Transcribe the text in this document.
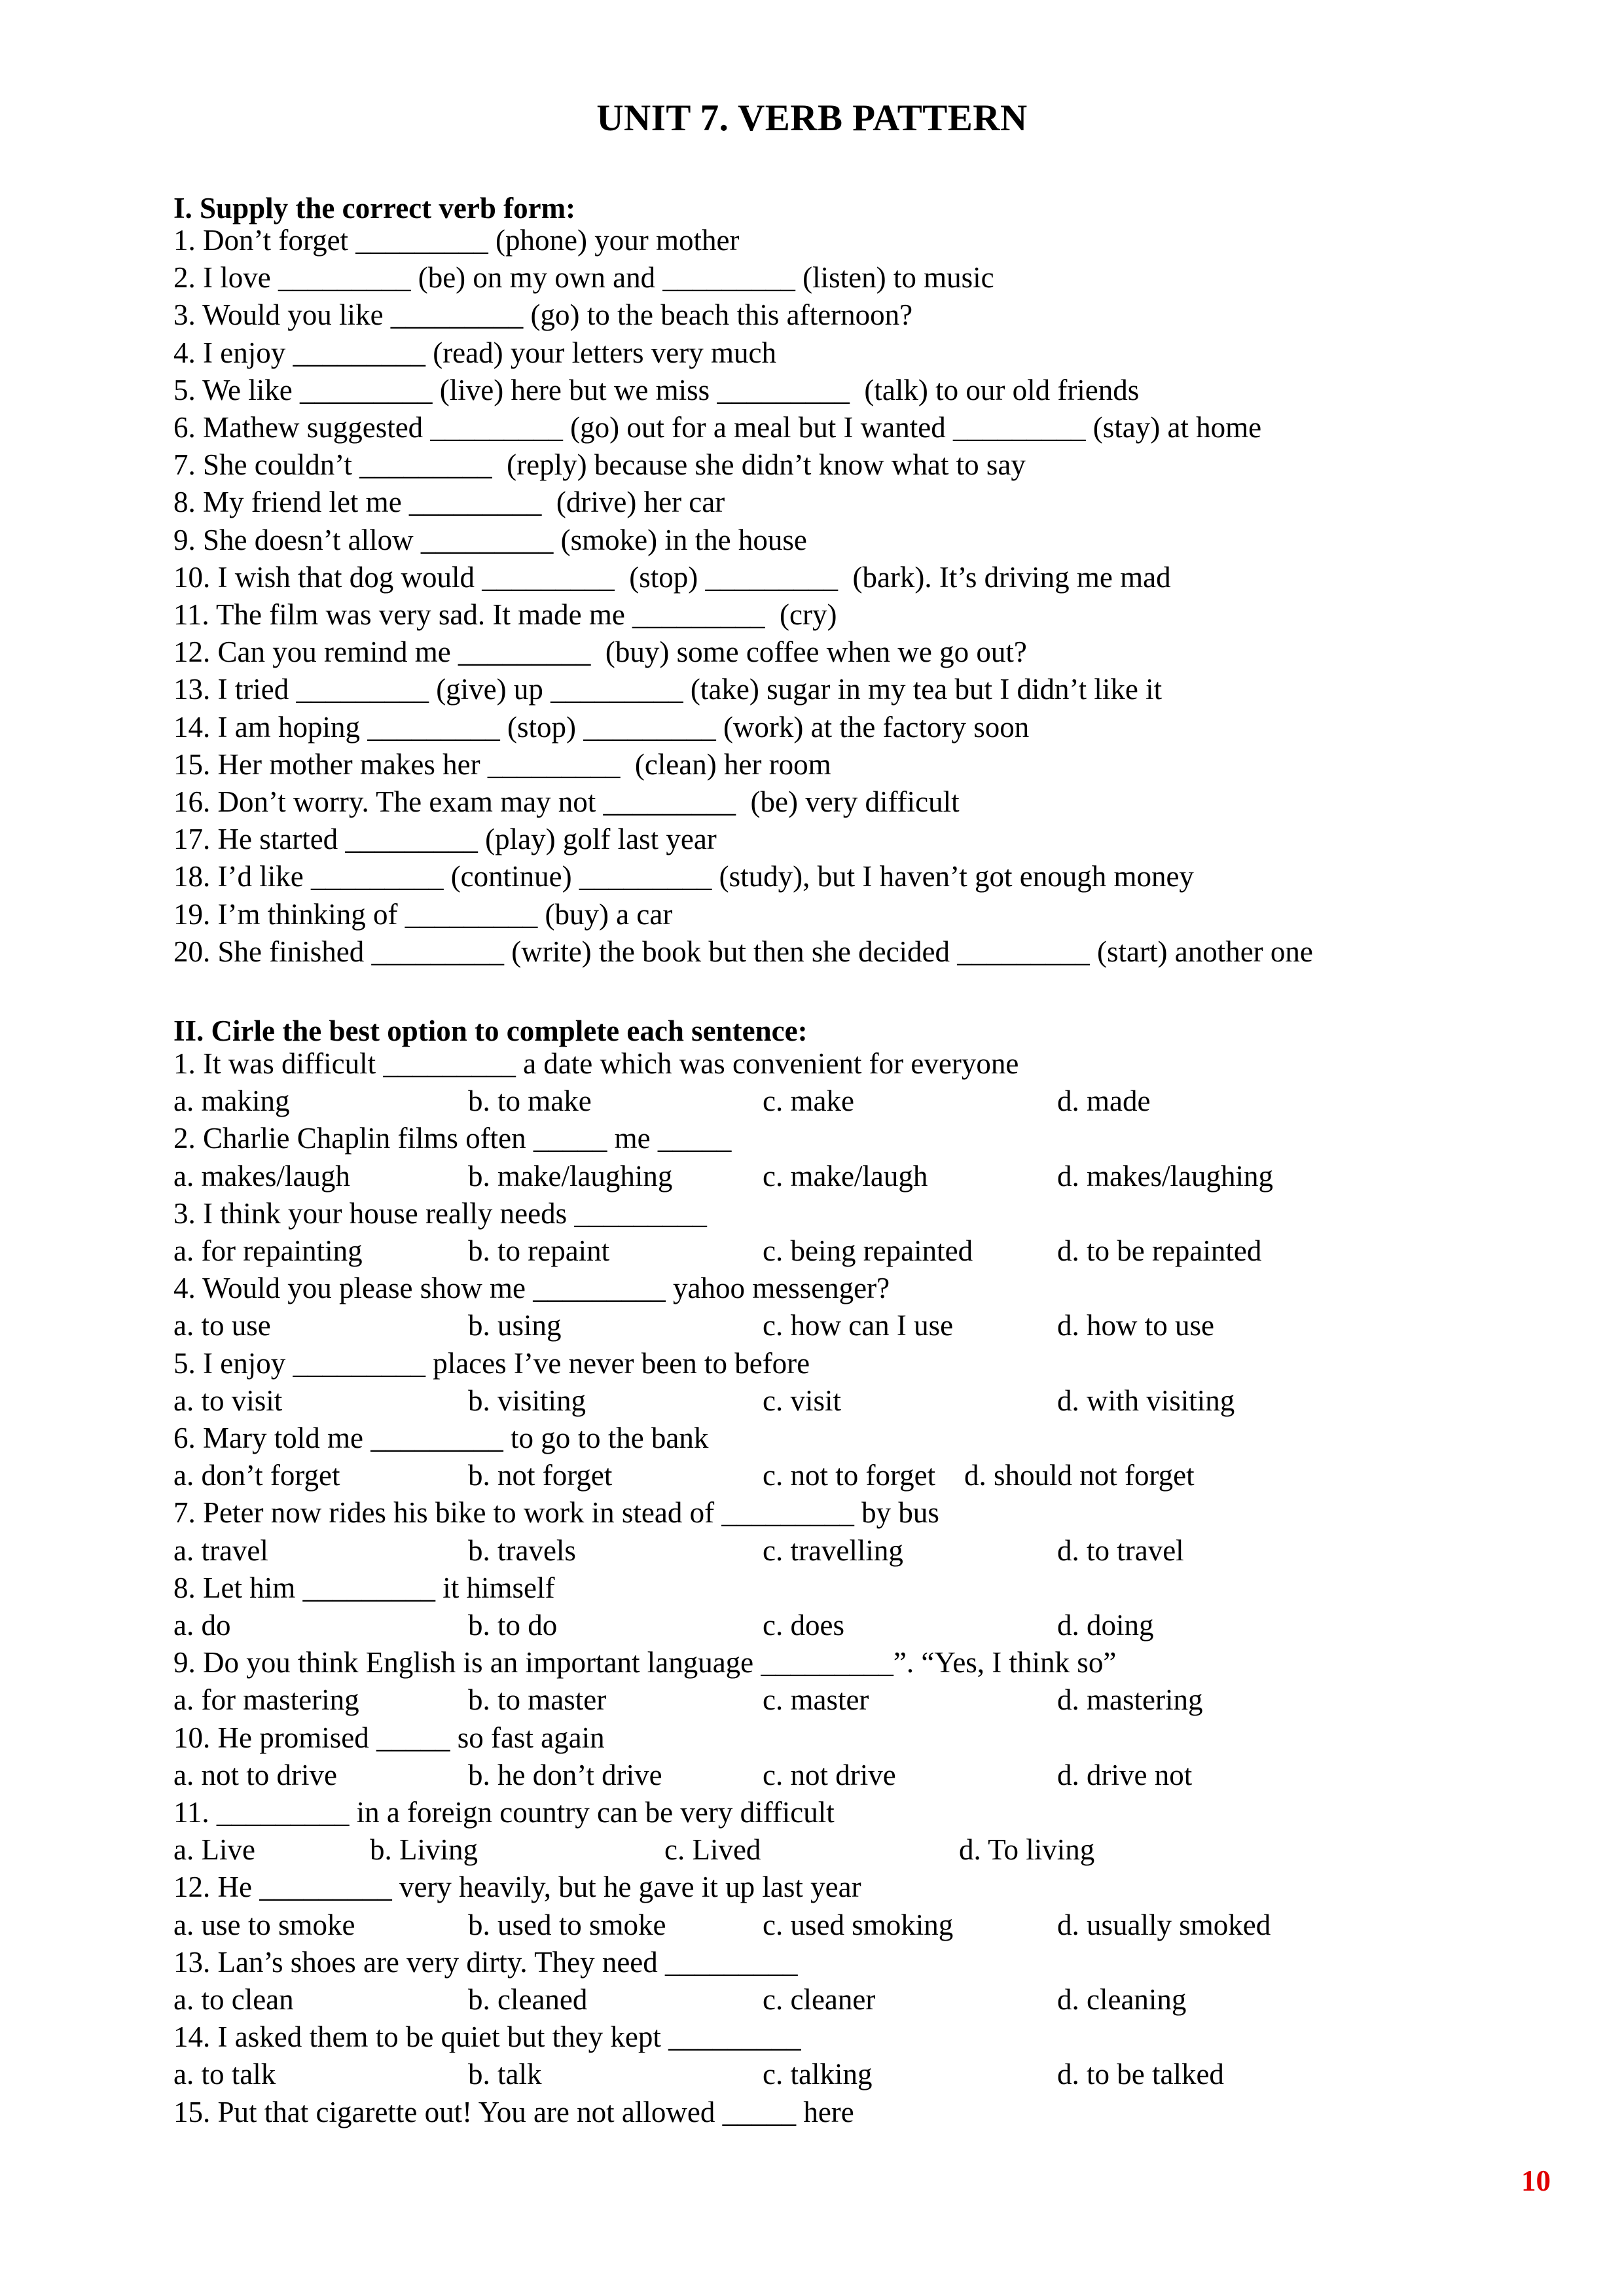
UNIT 7. VERB PATTERN
I. Supply the correct verb form:
1. Don’t forget _________ (phone) your mother
2. I love _________ (be) on my own and _________ (listen) to music
3. Would you like _________ (go) to the beach this afternoon?
4. I enjoy _________ (read) your letters very much
5. We like _________ (live) here but we miss _________  (talk) to our old friends
6. Mathew suggested _________ (go) out for a meal but I wanted _________ (stay) at home
7. She couldn’t _________  (reply) because she didn’t know what to say
8. My friend let me _________  (drive) her car
9. She doesn’t allow _________ (smoke) in the house
10. I wish that dog would _________  (stop) _________  (bark). It’s driving me mad
11. The film was very sad. It made me _________  (cry)
12. Can you remind me _________  (buy) some coffee when we go out?
13. I tried _________ (give) up _________ (take) sugar in my tea but I didn’t like it
14. I am hoping _________ (stop) _________ (work) at the factory soon
15. Her mother makes her _________  (clean) her room
16. Don’t worry. The exam may not _________  (be) very difficult
17. He started _________ (play) golf last year
18. I’d like _________ (continue) _________ (study), but I haven’t got enough money
19. I’m thinking of _________ (buy) a car
20. She finished _________ (write) the book but then she decided _________ (start) another one
II. Cirle the best option to complete each sentence:
1. It was difficult _________ a date which was convenient for everyone
a. making	b. to make	c. make	d. made
2. Charlie Chaplin films often _____ me _____
a. makes/laugh	b. make/laughing	c. make/laugh	d. makes/laughing
3. I think your house really needs _________
a. for repainting	b. to repaint	c. being repainted	d. to be repainted
4. Would you please show me _________ yahoo messenger?
a. to use	b. using	c. how can I use	d. how to use
5. I enjoy _________ places I’ve never been to before
a. to visit	b. visiting	c. visit	d. with visiting
6. Mary told me _________ to go to the bank
a. don’t forget	b. not forget	c. not to forget d. should not forget
7. Peter now rides his bike to work in stead of _________ by bus
a. travel	b. travels	c. travelling	d. to travel
8. Let him _________ it himself
a. do	b. to do	c. does	d. doing
9. Do you think English is an important language _________”. “Yes, I think so”
a. for mastering	b. to master	c. master	d. mastering
10. He promised _____ so fast again
a. not to drive	b. he don’t drive	c. not drive	d. drive not
11. _________ in a foreign country can be very difficult
a. Live	b. Living	c. Lived	d. To living
12. He _________ very heavily, but he gave it up last year
a. use to smoke	b. used to smoke	c. used smoking	d. usually smoked
13. Lan’s shoes are very dirty. They need _________
a. to clean	b. cleaned	c. cleaner	d. cleaning
14. I asked them to be quiet but they kept _________
a. to talk	b. talk	c. talking	d. to be talked
15. Put that cigarette out! You are not allowed _____ here
10
